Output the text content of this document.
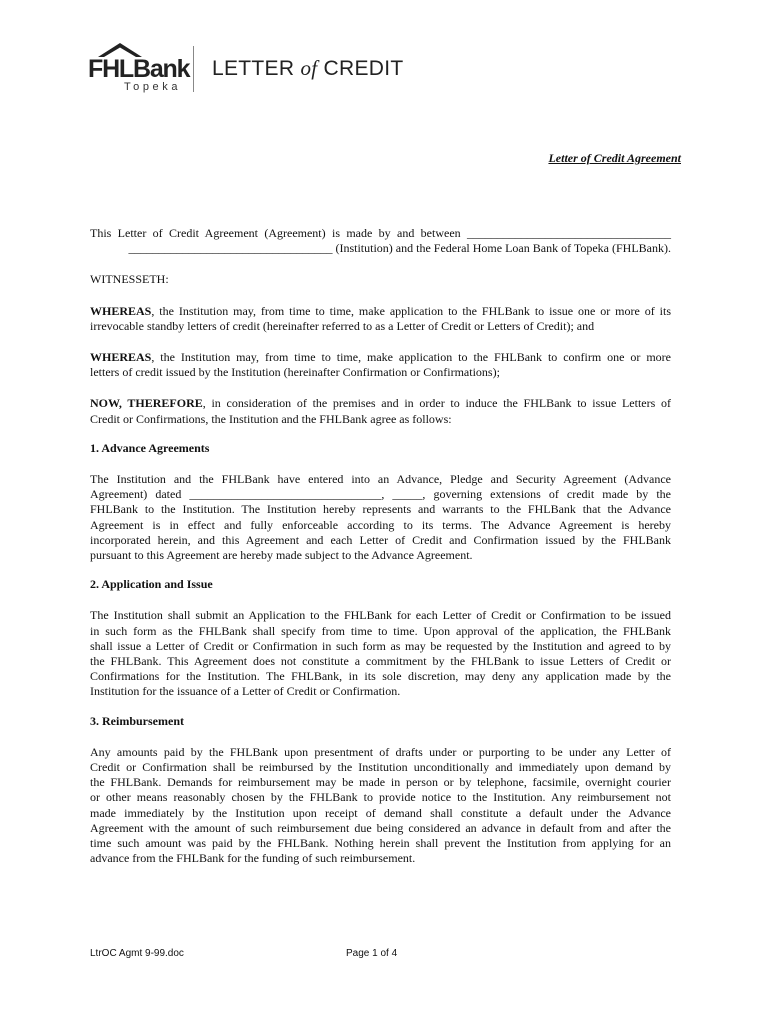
FHLBank
Topeka
LETTER of CREDIT
Letter of Credit Agreement
This Letter of Credit Agreement (Agreement) is made by and between __________________________________
__________________________________ (Institution) and the Federal Home Loan Bank of Topeka (FHLBank).

WITNESSETH:

WHEREAS, the Institution may, from time to time, make application to the FHLBank to issue one or more of its
irrevocable standby letters of credit (hereinafter referred to as a Letter of Credit or Letters of Credit); and
WHEREAS, the Institution may, from time to time, make application to the FHLBank to confirm one or more
letters of credit issued by the Institution (hereinafter Confirmation or Confirmations);
NOW, THEREFORE, in consideration of the premises and in order to induce the FHLBank to issue Letters of
Credit or Confirmations, the Institution and the FHLBank agree as follows:

1. Advance Agreements

The Institution and the FHLBank have entered into an Advance, Pledge and Security Agreement (Advance
Agreement) dated ________________________________, _____, governing extensions of credit made by the
FHLBank to the Institution. The Institution hereby represents and warrants to the FHLBank that the Advance
Agreement is in effect and fully enforceable according to its terms. The Advance Agreement is hereby
incorporated herein, and this Agreement and each Letter of Credit and Confirmation issued by the FHLBank
pursuant to this Agreement are hereby made subject to the Advance Agreement.

2. Application and Issue

The Institution shall submit an Application to the FHLBank for each Letter of Credit or Confirmation to be issued
in such form as the FHLBank shall specify from time to time. Upon approval of the application, the FHLBank
shall issue a Letter of Credit or Confirmation in such form as may be requested by the Institution and agreed to by
the FHLBank. This Agreement does not constitute a commitment by the FHLBank to issue Letters of Credit or
Confirmations for the Institution. The FHLBank, in its sole discretion, may deny any application made by the
Institution for the issuance of a Letter of Credit or Confirmation.

3. Reimbursement

Any amounts paid by the FHLBank upon presentment of drafts under or purporting to be under any Letter of
Credit or Confirmation shall be reimbursed by the Institution unconditionally and immediately upon demand by
the FHLBank. Demands for reimbursement may be made in person or by telephone, facsimile, overnight courier
or other means reasonably chosen by the FHLBank to provide notice to the Institution. Any reimbursement not
made immediately by the Institution upon receipt of demand shall constitute a default under the Advance
Agreement with the amount of such reimbursement due being considered an advance in default from and after the
time such amount was paid by the FHLBank. Nothing herein shall prevent the Institution from applying for an
advance from the FHLBank for the funding of such reimbursement.
LtrOC Agmt 9-99.doc	Page 1 of 4
